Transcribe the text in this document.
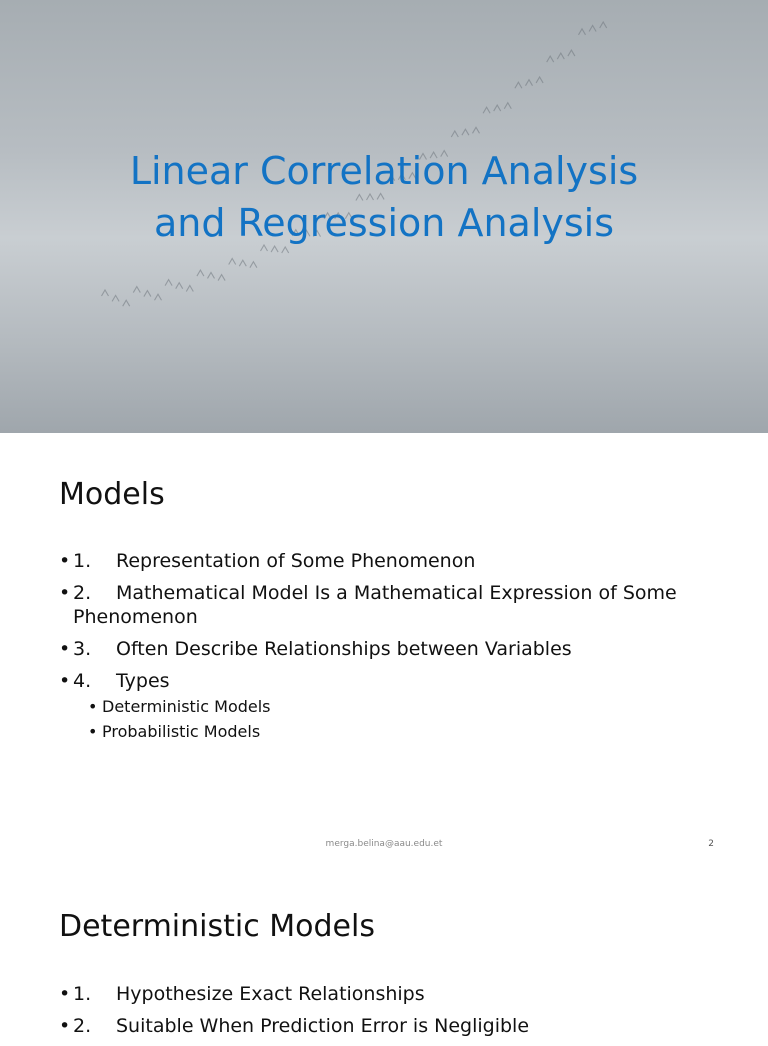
Linear Correlation Analysis
and Regression Analysis
Models
• 1. Representation of Some Phenomenon
• 2. Mathematical Model Is a Mathematical Expression of Some Phenomenon
• 3. Often Describe Relationships between Variables
• 4. Types
• Deterministic Models
• Probabilistic Models
merga.belina@aau.edu.et	2
Deterministic Models
• 1. Hypothesize Exact Relationships
• 2. Suitable When Prediction Error is Negligible
